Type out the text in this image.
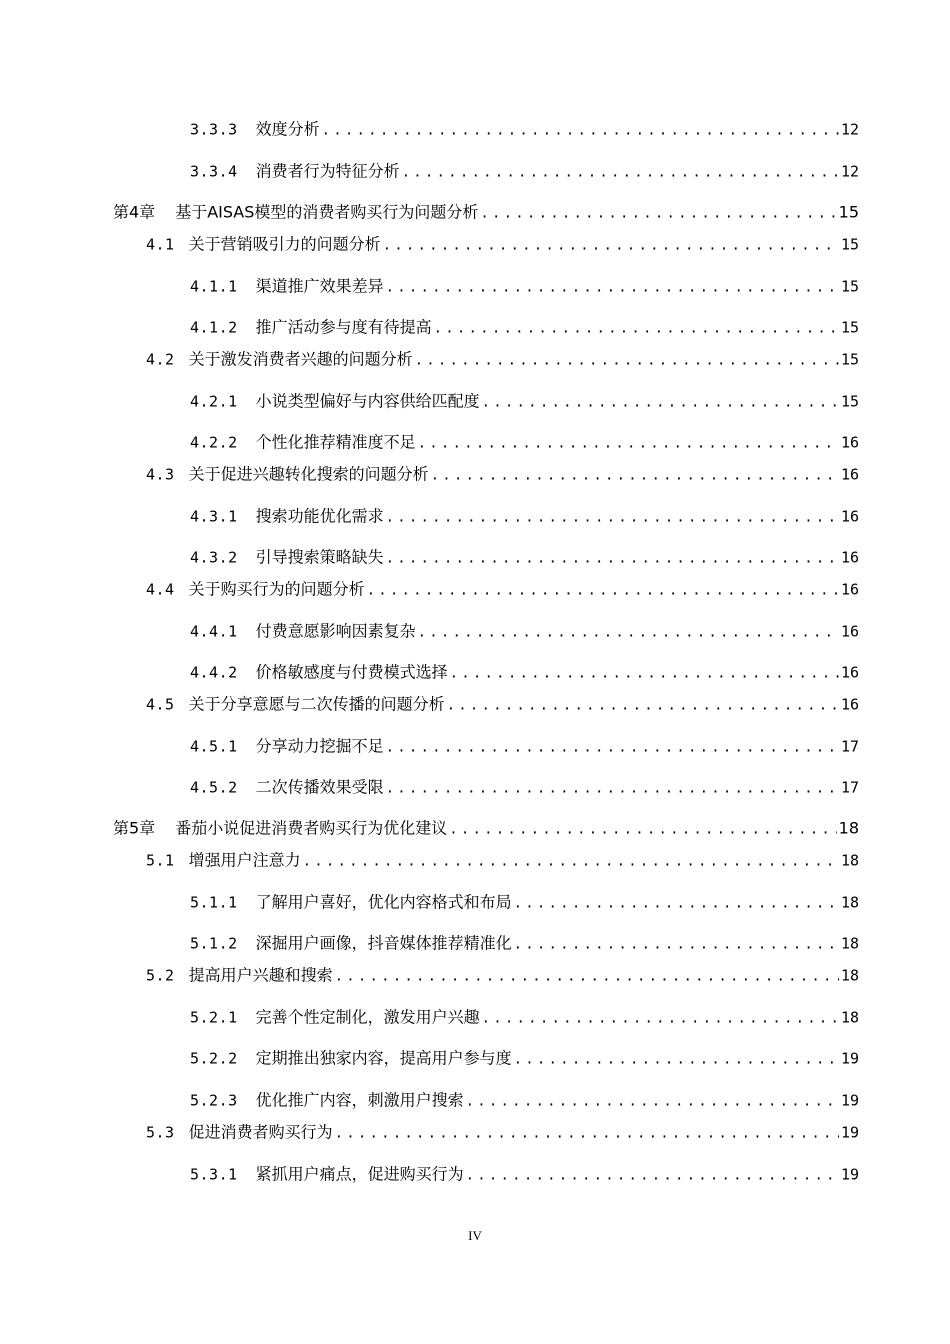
3.3.3 效度分析 .....	12
3.3.4 消费者行为特征分析 .....	12
第4章 基于AISAS模型的消费者购买行为问题分析 .....	15
4.1 关于营销吸引力的问题分析 .....	15
4.1.1 渠道推广效果差异 .....	15
4.1.2 推广活动参与度有待提高 .....	15
4.2 关于激发消费者兴趣的问题分析 .....	15
4.2.1 小说类型偏好与内容供给匹配度 .....	15
4.2.2 个性化推荐精准度不足 .....	16
4.3 关于促进兴趣转化搜索的问题分析 .....	16
4.3.1 搜索功能优化需求 .....	16
4.3.2 引导搜索策略缺失 .....	16
4.4 关于购买行为的问题分析 .....	16
4.4.1 付费意愿影响因素复杂 .....	16
4.4.2 价格敏感度与付费模式选择 .....	16
4.5 关于分享意愿与二次传播的问题分析 .....	16
4.5.1 分享动力挖掘不足 .....	17
4.5.2 二次传播效果受限 .....	17
第5章 番茄小说促进消费者购买行为优化建议 .....	18
5.1 增强用户注意力 .....	18
5.1.1 了解用户喜好，优化内容格式和布局 .....	18
5.1.2 深掘用户画像，抖音媒体推荐精准化 .....	18
5.2 提高用户兴趣和搜索 .....	18
5.2.1 完善个性定制化，激发用户兴趣 .....	18
5.2.2 定期推出独家内容，提高用户参与度 .....	19
5.2.3 优化推广内容，刺激用户搜索 .....	19
5.3 促进消费者购买行为 .....	19
5.3.1 紧抓用户痛点，促进购买行为 .....	19
IV
